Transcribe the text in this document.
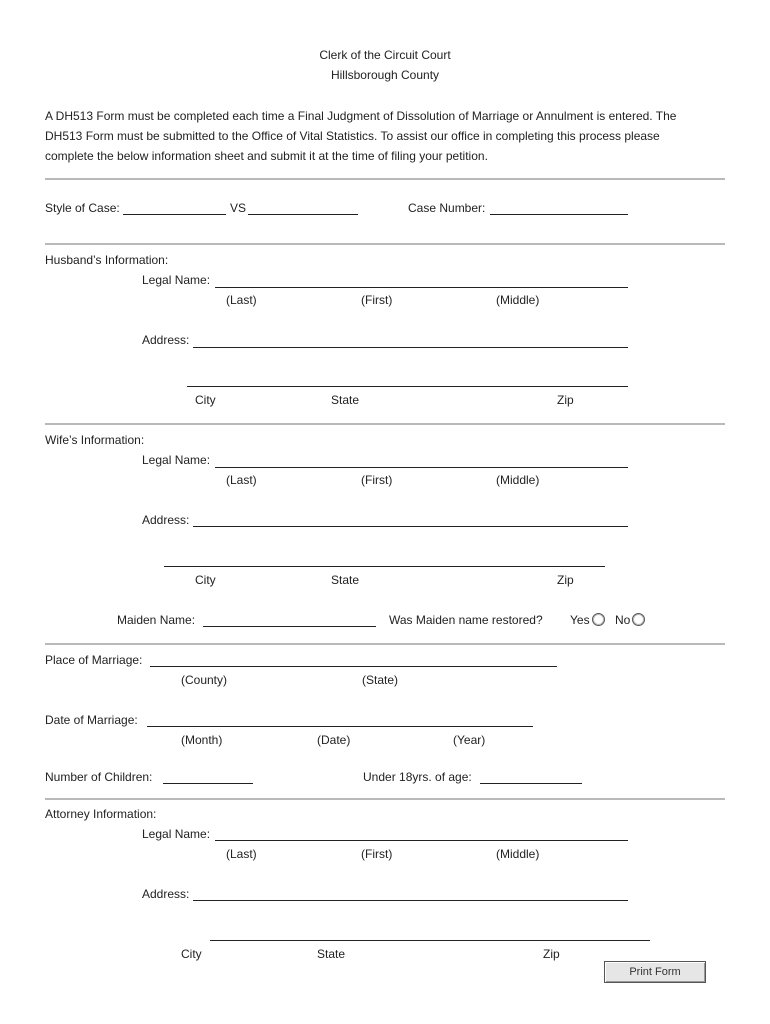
Clerk of the Circuit Court
Hillsborough County
A DH513 Form must be completed each time a Final Judgment of Dissolution of Marriage or Annulment is entered. The
DH513 Form must be submitted to the Office of Vital Statistics. To assist our office in completing this process please
complete the below information sheet and submit it at the time of filing your petition.
Style of Case:	VS	Case Number:
Husband’s Information:
Legal Name:
(Last)	(First)	(Middle)
Address:
City	State	Zip
Wife’s Information:
Legal Name:
(Last)	(First)	(Middle)
Address:
City	State	Zip
Maiden Name:	Was Maiden name restored? Yes	No
Place of Marriage:
(County)	(State)
Date of Marriage:
(Month)	(Date)	(Year)
Number of Children:	Under 18yrs. of age:
Attorney Information:
Legal Name:
(Last)	(First)	(Middle)
Address:
City	State	Zip
Print Form
